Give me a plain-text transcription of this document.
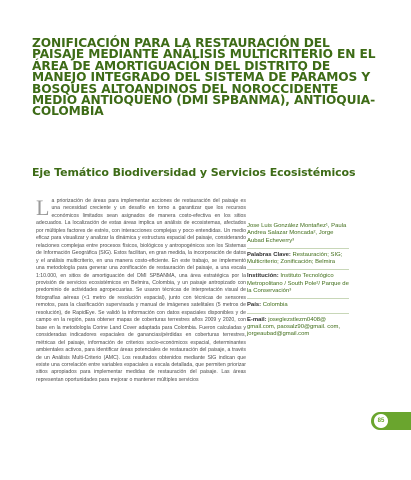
ZONIFICACIÓN PARA LA RESTAURACIÓN DEL PAISAJE MEDIANTE ANÁLISIS MULTICRITERIO EN EL ÁREA DE AMORTIGUACIÓN DEL DISTRITO DE MANEJO INTEGRADO DEL SISTEMA DE PÁRAMOS Y BOSQUES ALTOANDINOS DEL NOROCCIDENTE MEDIO ANTIOQUEÑO (DMI SPBANMA), ANTIOQUIA-COLOMBIA
Eje Temático Biodiversidad y Servicios Ecosistémicos

La priorización de áreas para implementar acciones de restauración del paisaje es una necesidad creciente y un desafío en torno a garantizar que los recursos económicos limitados sean asignados de manera costo-efectiva en los sitios adecuados. La localización de estas áreas implica un análisis de ecosistemas, afectados por múltiples factores de estrés, con interacciones complejas y poco entendidas. Un medio eficaz para visualizar y analizar la dinámica y estructura espacial del paisaje, considerando relaciones complejas entre procesos físicos, biológicos y antropogénicos son los Sistemas de Información Geográfica (SIG). Estos facilitan, en gran medida, la incorporación de datos y el análisis multicriterio, en una manera costo-eficiente. En este trabajo, se implementó una metodología para generar una zonificación de restauración del paisaje, a una escala 1:10.000, en sitios de amortiguación del DMI SPBANMA, una área estratégica por la provisión de servicios ecosistémicos en Belmira, Colombia, y un paisaje antropizado con predominio de actividades agropecuarias. Se usaron técnicas de interpretación visual de fotografías aéreas (<1 metro de resolución espacial), junto con técnicas de sensores remotos, para la clasificación supervisada y manual de imágenes satelitales (5 metros de resolución), de RapidEye. Se validó la información con datos espaciales disponibles y de campo en la región, para obtener mapas de coberturas terrestres años 2009 y 2020, con base en la metodología Corine Land Cover adaptada para Colombia. Fueron calculadas y consideradas indicadores espaciales de ganancias/pérdidas en coberturas terrestres, métricas del paisaje, información de criterios socio-económicos espacial, determinantes ambientales activos, para identificar áreas potenciales de restauración del paisaje, a través de un Análisis Multi-Criterio (AMC). Los resultados obtenidos mediante SIG indican que existe una correlación entre variables espaciales a escala detallada, que permiten priorizar sitios apropiados para implementar medidas de restauración del paisaje. Las áreas representan oportunidades para mejorar o mantener múltiples servicios

Jose Luis González Montañez¹, Paula Andrea Salazar Moncada², Jorge Aubad Echeverry³

Palabras Clave: Restauración; SIG; Multicriterio; Zonificación; Belmira

Institución: Instituto Tecnológico Metropolitano / South Pole²/ Parque de la Conservación³

País: Colombia

E-mail: joseglezstlezm0408@ gmail.com, paosalz90@gmail. com, jorgeaubad@gmail.com

85
